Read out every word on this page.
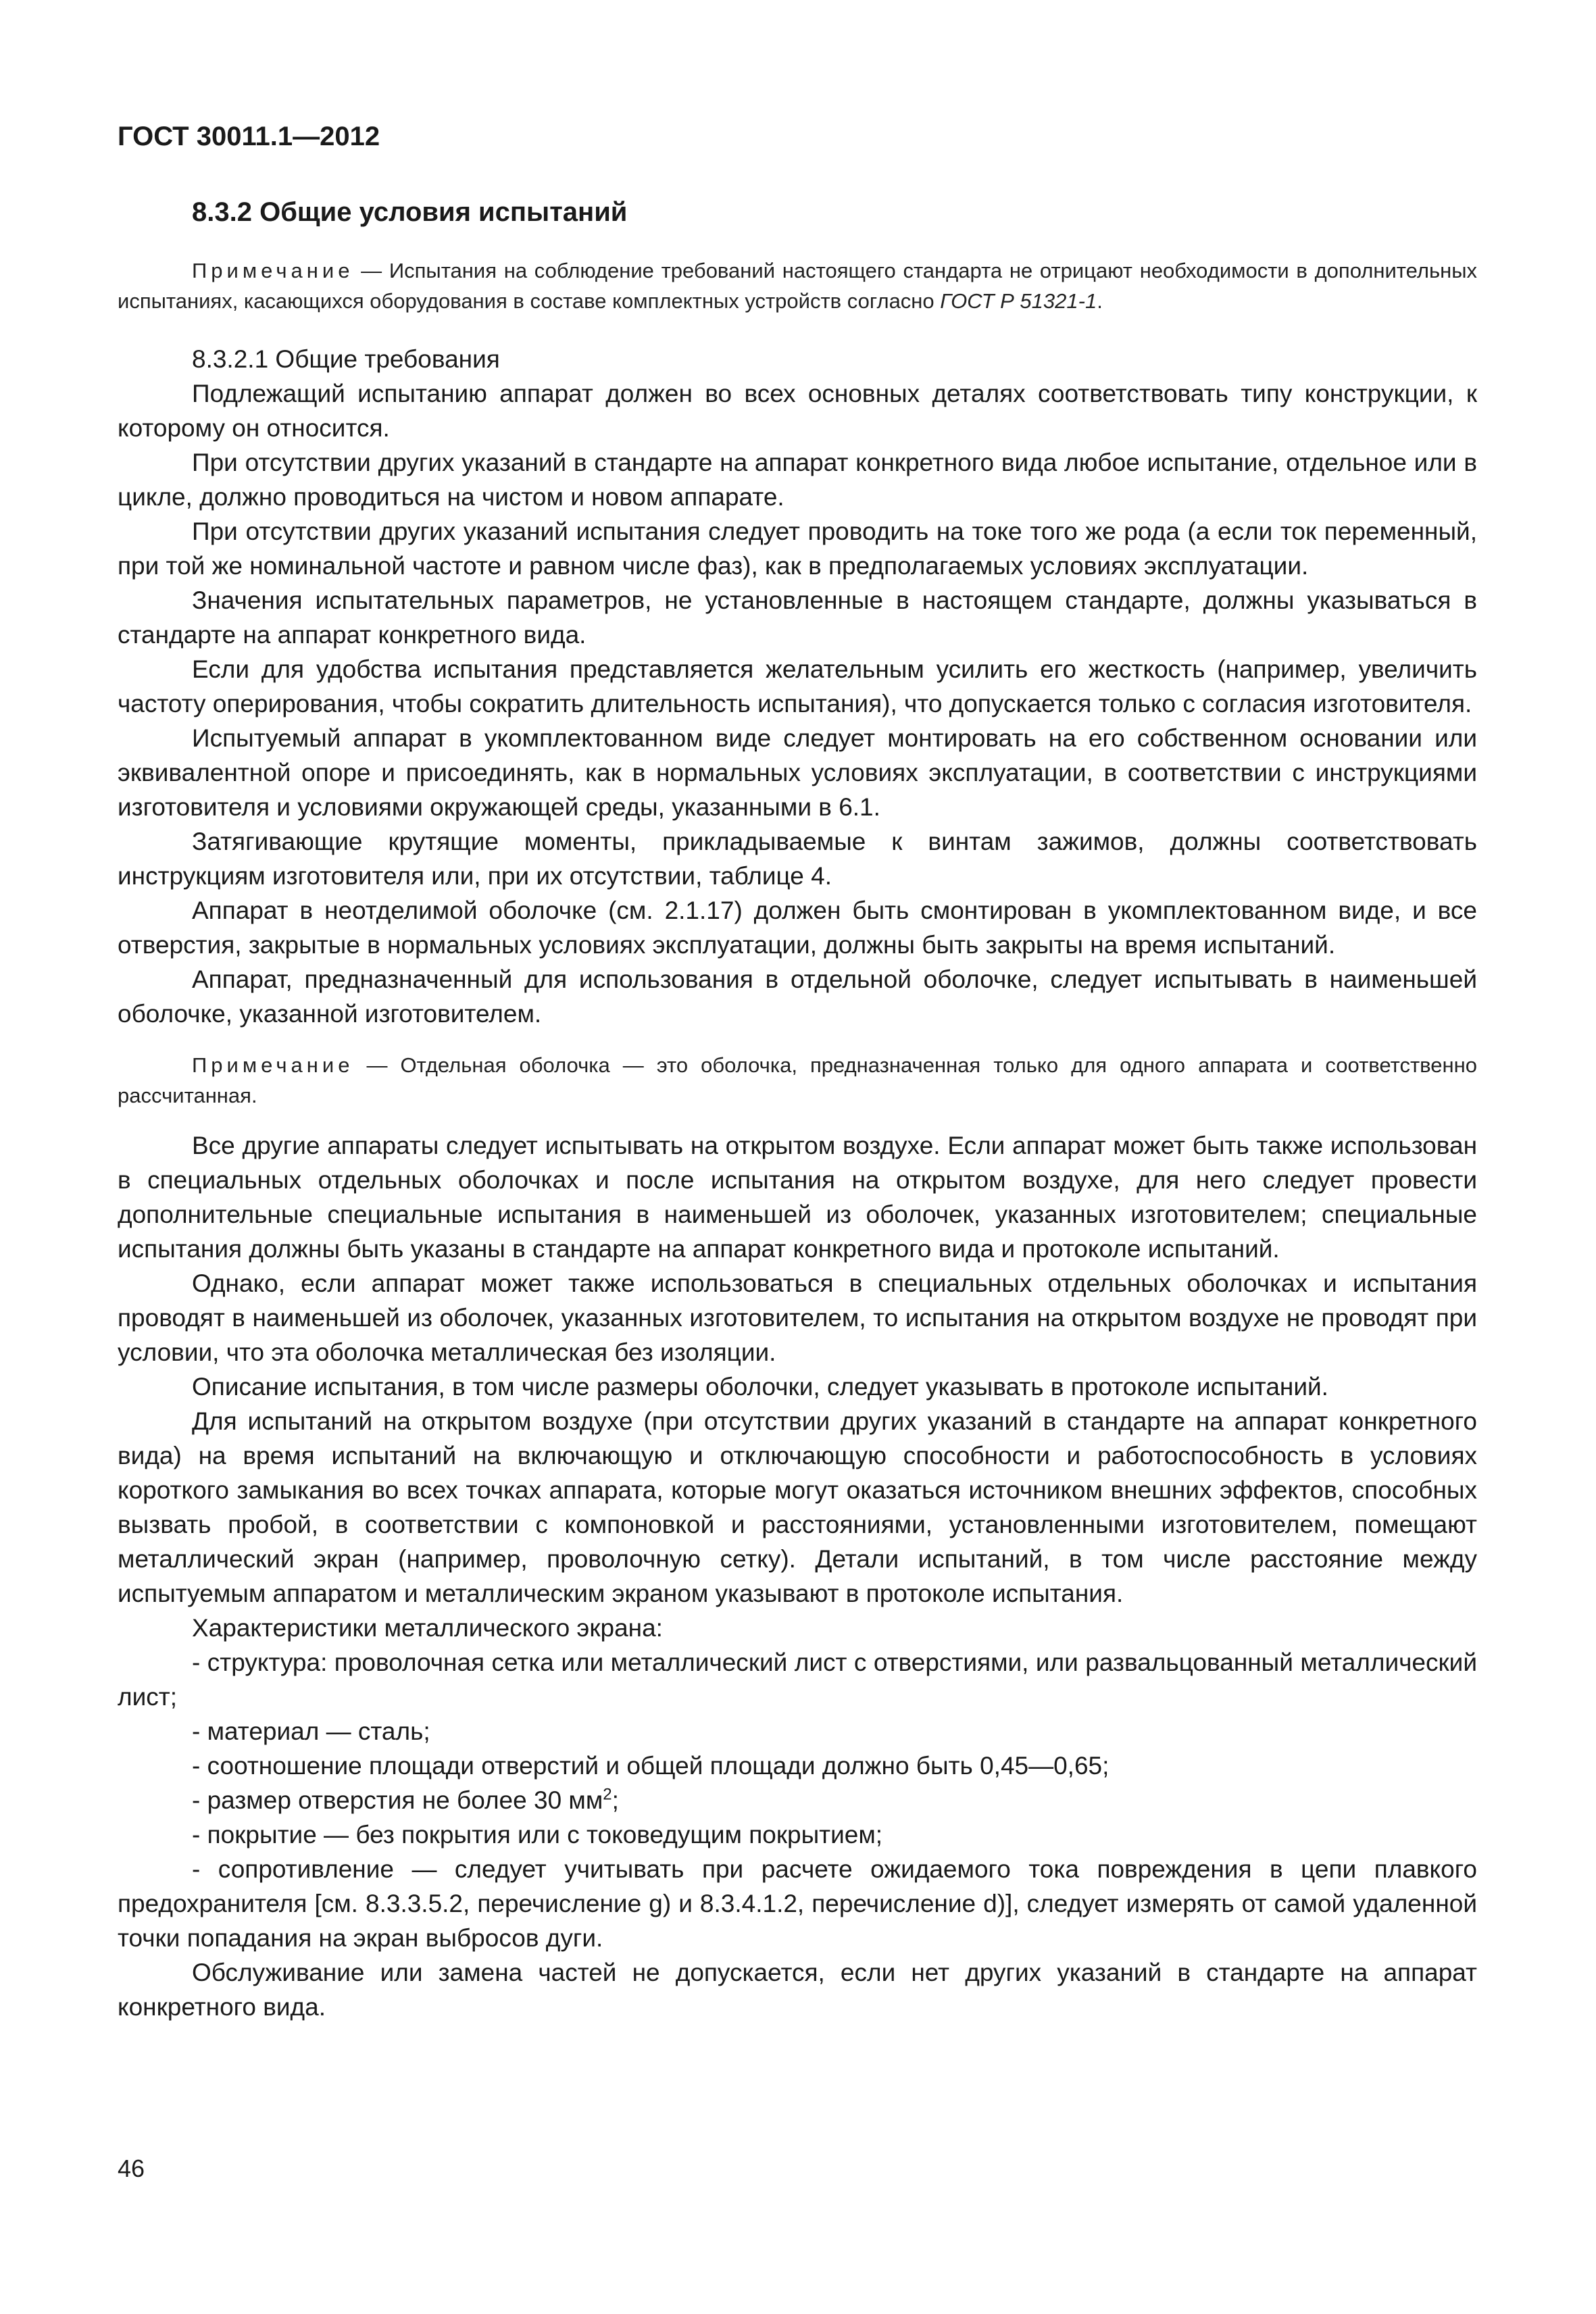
ГОСТ 30011.1—2012

8.3.2 Общие условия испытаний

Примечание — Испытания на соблюдение требований настоящего стандарта не отрицают необходимости в дополнительных испытаниях, касающихся оборудования в составе комплектных устройств согласно ГОСТ Р 51321-1.

8.3.2.1 Общие требования

Подлежащий испытанию аппарат должен во всех основных деталях соответствовать типу конструкции, к которому он относится.

При отсутствии других указаний в стандарте на аппарат конкретного вида любое испытание, отдельное или в цикле, должно проводиться на чистом и новом аппарате.

При отсутствии других указаний испытания следует проводить на токе того же рода (а если ток переменный, при той же номинальной частоте и равном числе фаз), как в предполагаемых условиях эксплуатации.

Значения испытательных параметров, не установленные в настоящем стандарте, должны указываться в стандарте на аппарат конкретного вида.

Если для удобства испытания представляется желательным усилить его жесткость (например, увеличить частоту оперирования, чтобы сократить длительность испытания), что допускается только с согласия изготовителя.

Испытуемый аппарат в укомплектованном виде следует монтировать на его собственном основании или эквивалентной опоре и присоединять, как в нормальных условиях эксплуатации, в соответствии с инструкциями изготовителя и условиями окружающей среды, указанными в 6.1.

Затягивающие крутящие моменты, прикладываемые к винтам зажимов, должны соответствовать инструкциям изготовителя или, при их отсутствии, таблице 4.

Аппарат в неотделимой оболочке (см. 2.1.17) должен быть смонтирован в укомплектованном виде, и все отверстия, закрытые в нормальных условиях эксплуатации, должны быть закрыты на время испытаний.

Аппарат, предназначенный для использования в отдельной оболочке, следует испытывать в наименьшей оболочке, указанной изготовителем.

Примечание — Отдельная оболочка — это оболочка, предназначенная только для одного аппарата и соответственно рассчитанная.

Все другие аппараты следует испытывать на открытом воздухе. Если аппарат может быть также использован в специальных отдельных оболочках и после испытания на открытом воздухе, для него следует провести дополнительные специальные испытания в наименьшей из оболочек, указанных изготовителем; специальные испытания должны быть указаны в стандарте на аппарат конкретного вида и протоколе испытаний.

Однако, если аппарат может также использоваться в специальных отдельных оболочках и испытания проводят в наименьшей из оболочек, указанных изготовителем, то испытания на открытом воздухе не проводят при условии, что эта оболочка металлическая без изоляции.

Описание испытания, в том числе размеры оболочки, следует указывать в протоколе испытаний.

Для испытаний на открытом воздухе (при отсутствии других указаний в стандарте на аппарат конкретного вида) на время испытаний на включающую и отключающую способности и работоспособность в условиях короткого замыкания во всех точках аппарата, которые могут оказаться источником внешних эффектов, способных вызвать пробой, в соответствии с компоновкой и расстояниями, установленными изготовителем, помещают металлический экран (например, проволочную сетку). Детали испытаний, в том числе расстояние между испытуемым аппаратом и металлическим экраном указывают в протоколе испытания.

Характеристики металлического экрана:

- структура: проволочная сетка или металлический лист с отверстиями, или развальцованный металлический лист;

- материал — сталь;

- соотношение площади отверстий и общей площади должно быть 0,45—0,65;

- размер отверстия не более 30 $мм^2$;

- покрытие — без покрытия или с токоведущим покрытием;

- сопротивление — следует учитывать при расчете ожидаемого тока повреждения в цепи плавкого предохранителя [см. 8.3.3.5.2, перечисление g) и 8.3.4.1.2, перечисление d)], следует измерять от самой удаленной точки попадания на экран выбросов дуги.

Обслуживание или замена частей не допускается, если нет других указаний в стандарте на аппарат конкретного вида.

46
